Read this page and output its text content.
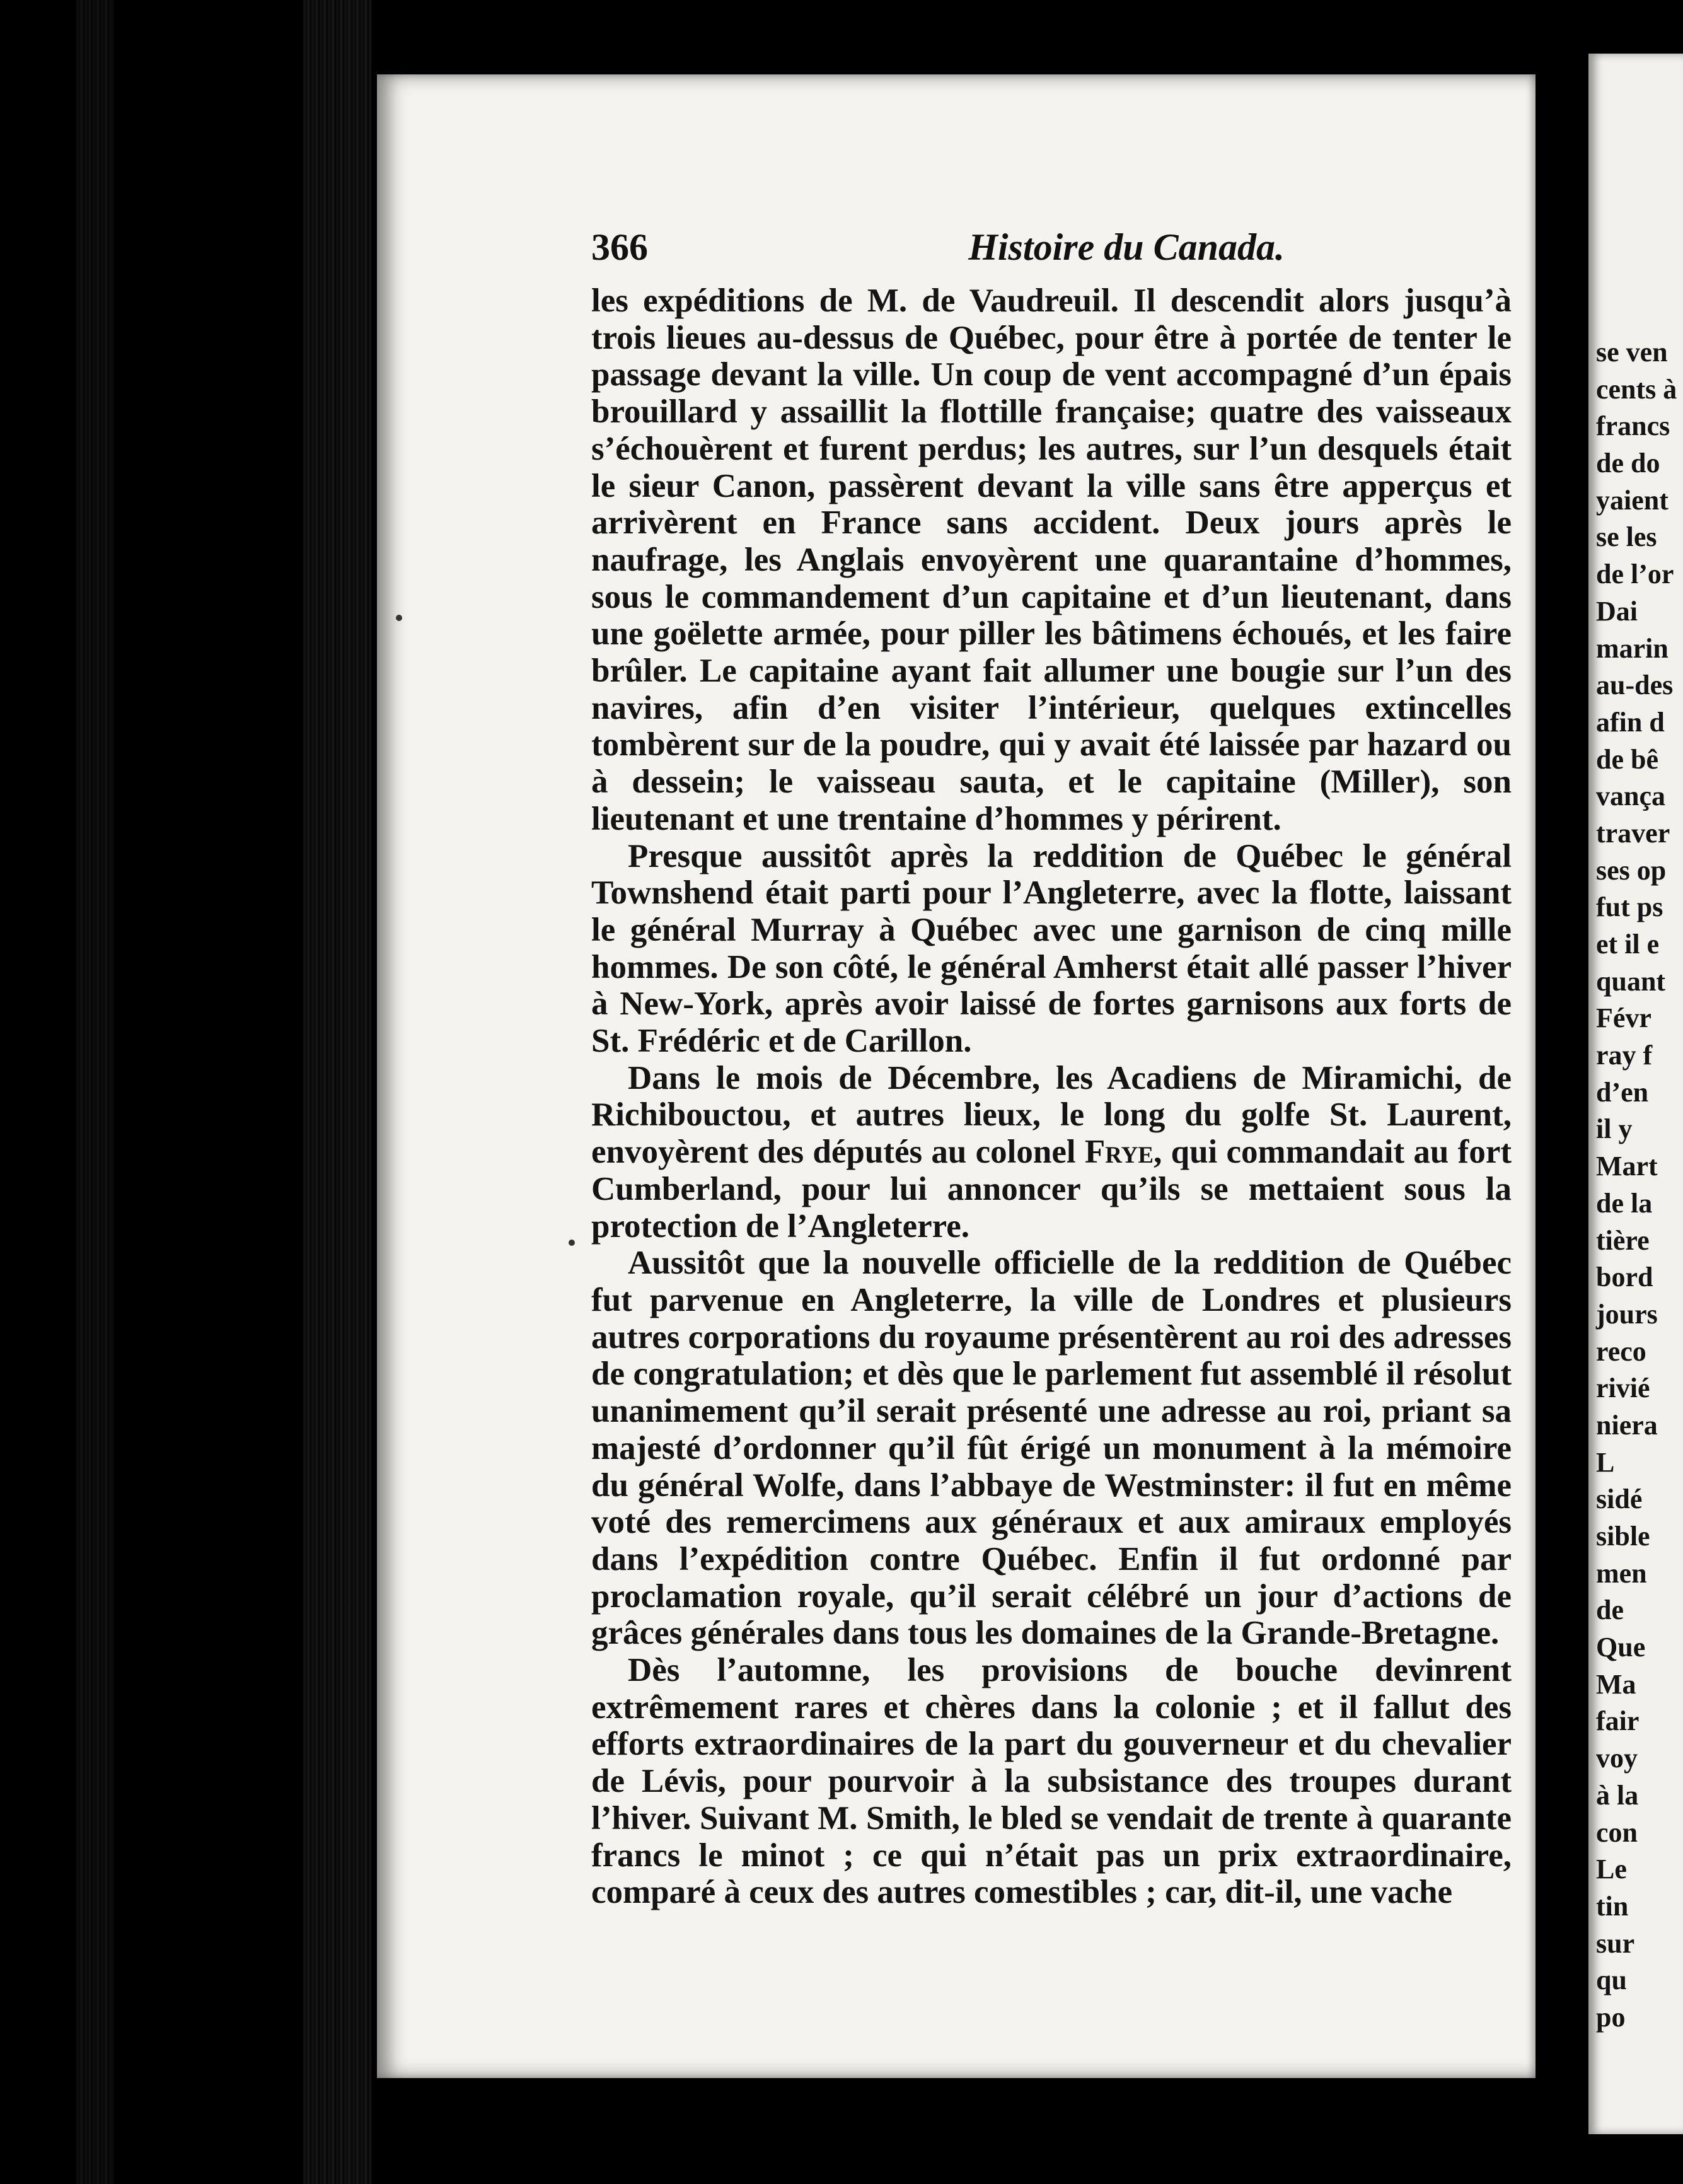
366	Histoire du Canada.

les expéditions de M. de Vaudreuil. Il descendit alors jusqu’à trois lieues au-dessus de Québec, pour être à portée de tenter le passage devant la ville. Un coup de vent accompagné d’un épais brouillard y assaillit la flottille française; quatre des vaisseaux s’échouèrent et furent perdus; les autres, sur l’un desquels était le sieur Canon, passèrent devant la ville sans être apperçus et arrivèrent en France sans accident. Deux jours après le naufrage, les Anglais envoyèrent une quarantaine d’hommes, sous le commandement d’un capitaine et d’un lieutenant, dans une goëlette armée, pour piller les bâtimens échoués, et les faire brûler. Le capitaine ayant fait allumer une bougie sur l’un des navires, afin d’en visiter l’intérieur, quelques extincelles tombèrent sur de la poudre, qui y avait été laissée par hazard ou à dessein; le vaisseau sauta, et le capitaine (Miller), son lieutenant et une trentaine d’hommes y périrent.

Presque aussitôt après la reddition de Québec le général Townshend était parti pour l’Angleterre, avec la flotte, laissant le général Murray à Québec avec une garnison de cinq mille hommes. De son côté, le général Amherst était allé passer l’hiver à New-York, après avoir laissé de fortes garnisons aux forts de St. Frédéric et de Carillon.

Dans le mois de Décembre, les Acadiens de Miramichi, de Richibouctou, et autres lieux, le long du golfe St. Laurent, envoyèrent des députés au colonel Frye, qui commandait au fort Cumberland, pour lui annoncer qu’ils se mettaient sous la protection de l’Angleterre.

Aussitôt que la nouvelle officielle de la reddition de Québec fut parvenue en Angleterre, la ville de Londres et plusieurs autres corporations du royaume présentèrent au roi des adresses de congratulation; et dès que le parlement fut assemblé il résolut unanimement qu’il serait présenté une adresse au roi, priant sa majesté d’ordonner qu’il fût érigé un monument à la mémoire du général Wolfe, dans l’abbaye de Westminster: il fut en même voté des remercimens aux généraux et aux amiraux employés dans l’expédition contre Québec. Enfin il fut ordonné par proclamation royale, qu’il serait célébré un jour d’actions de grâces générales dans tous les domaines de la Grande-Bretagne.

Dès l’automne, les provisions de bouche devinrent extrêmement rares et chères dans la colonie ; et il fallut des efforts extraordinaires de la part du gouverneur et du chevalier de Lévis, pour pourvoir à la subsistance des troupes durant l’hiver. Suivant M. Smith, le bled se vendait de trente à quarante francs le minot ; ce qui n’était pas un prix extraordinaire, comparé à ceux des autres comestibles ; car, dit-il, une vache

se ven
cents à
francs
de do
yaient
se les
de l’or
Dai
marin
au-des
afin d
de bê
vança
traver
ses op
fut ps
et il e
quant
Févr
ray f
d’en
il y
Mart
de la
tière
bord
jours
reco
rivié
niera
L
sidé
sible
men
de
Que
Ma
fair
voy
à la
con
Le
tin
sur
qu
po
